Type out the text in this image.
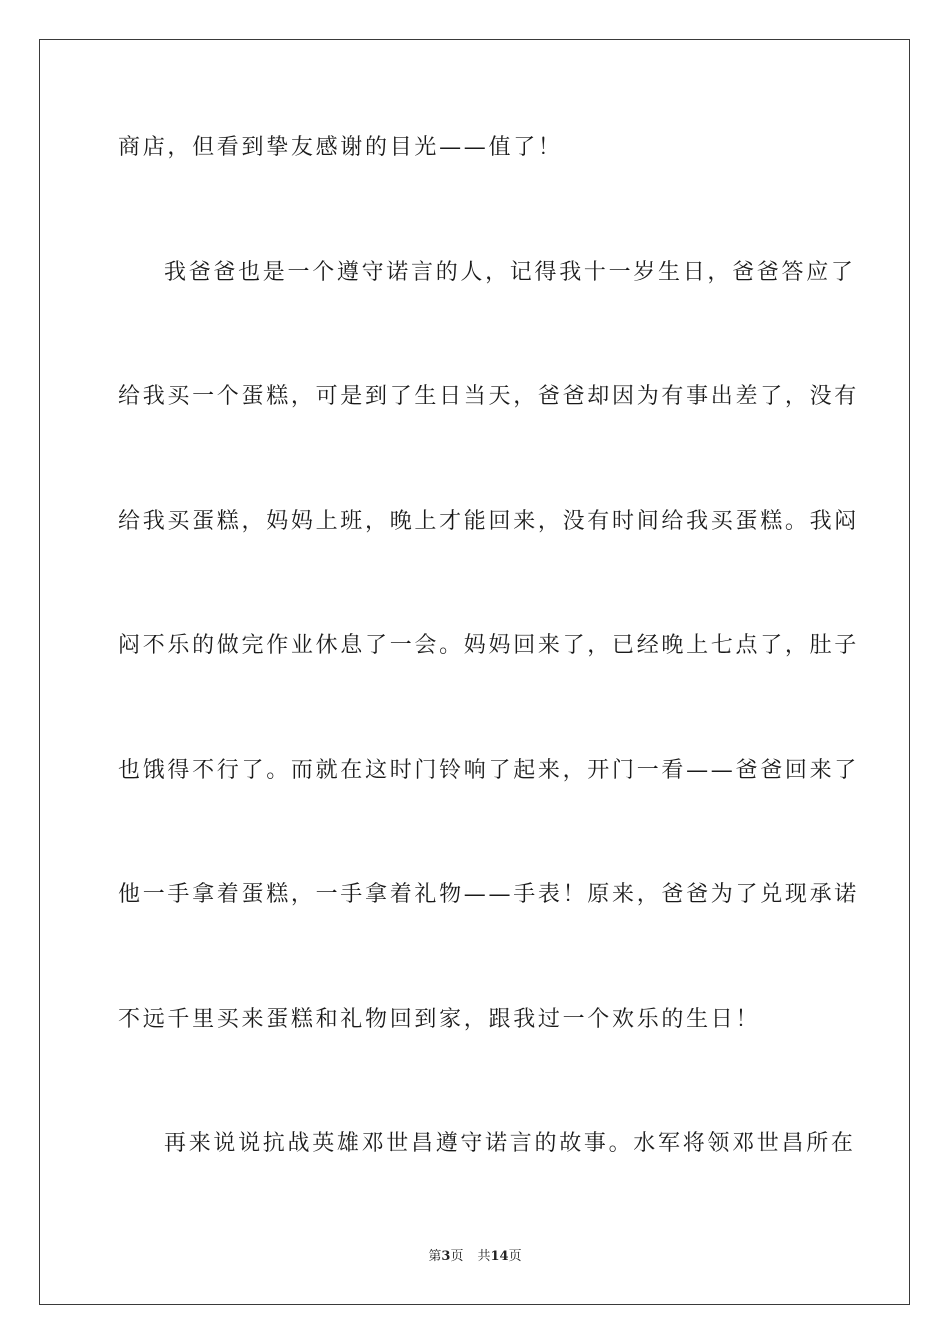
商店，但看到挚友感谢的目光——值了！
我爸爸也是一个遵守诺言的人，记得我十一岁生日，爸爸答应了
给我买一个蛋糕，可是到了生日当天，爸爸却因为有事出差了，没有
给我买蛋糕，妈妈上班，晚上才能回来，没有时间给我买蛋糕。我闷
闷不乐的做完作业休息了一会。妈妈回来了，已经晚上七点了，肚子
也饿得不行了。而就在这时门铃响了起来，开门一看——爸爸回来了
他一手拿着蛋糕，一手拿着礼物——手表！原来，爸爸为了兑现承诺
不远千里买来蛋糕和礼物回到家，跟我过一个欢乐的生日！
再来说说抗战英雄邓世昌遵守诺言的故事。水军将领邓世昌所在
第3页 共14页
